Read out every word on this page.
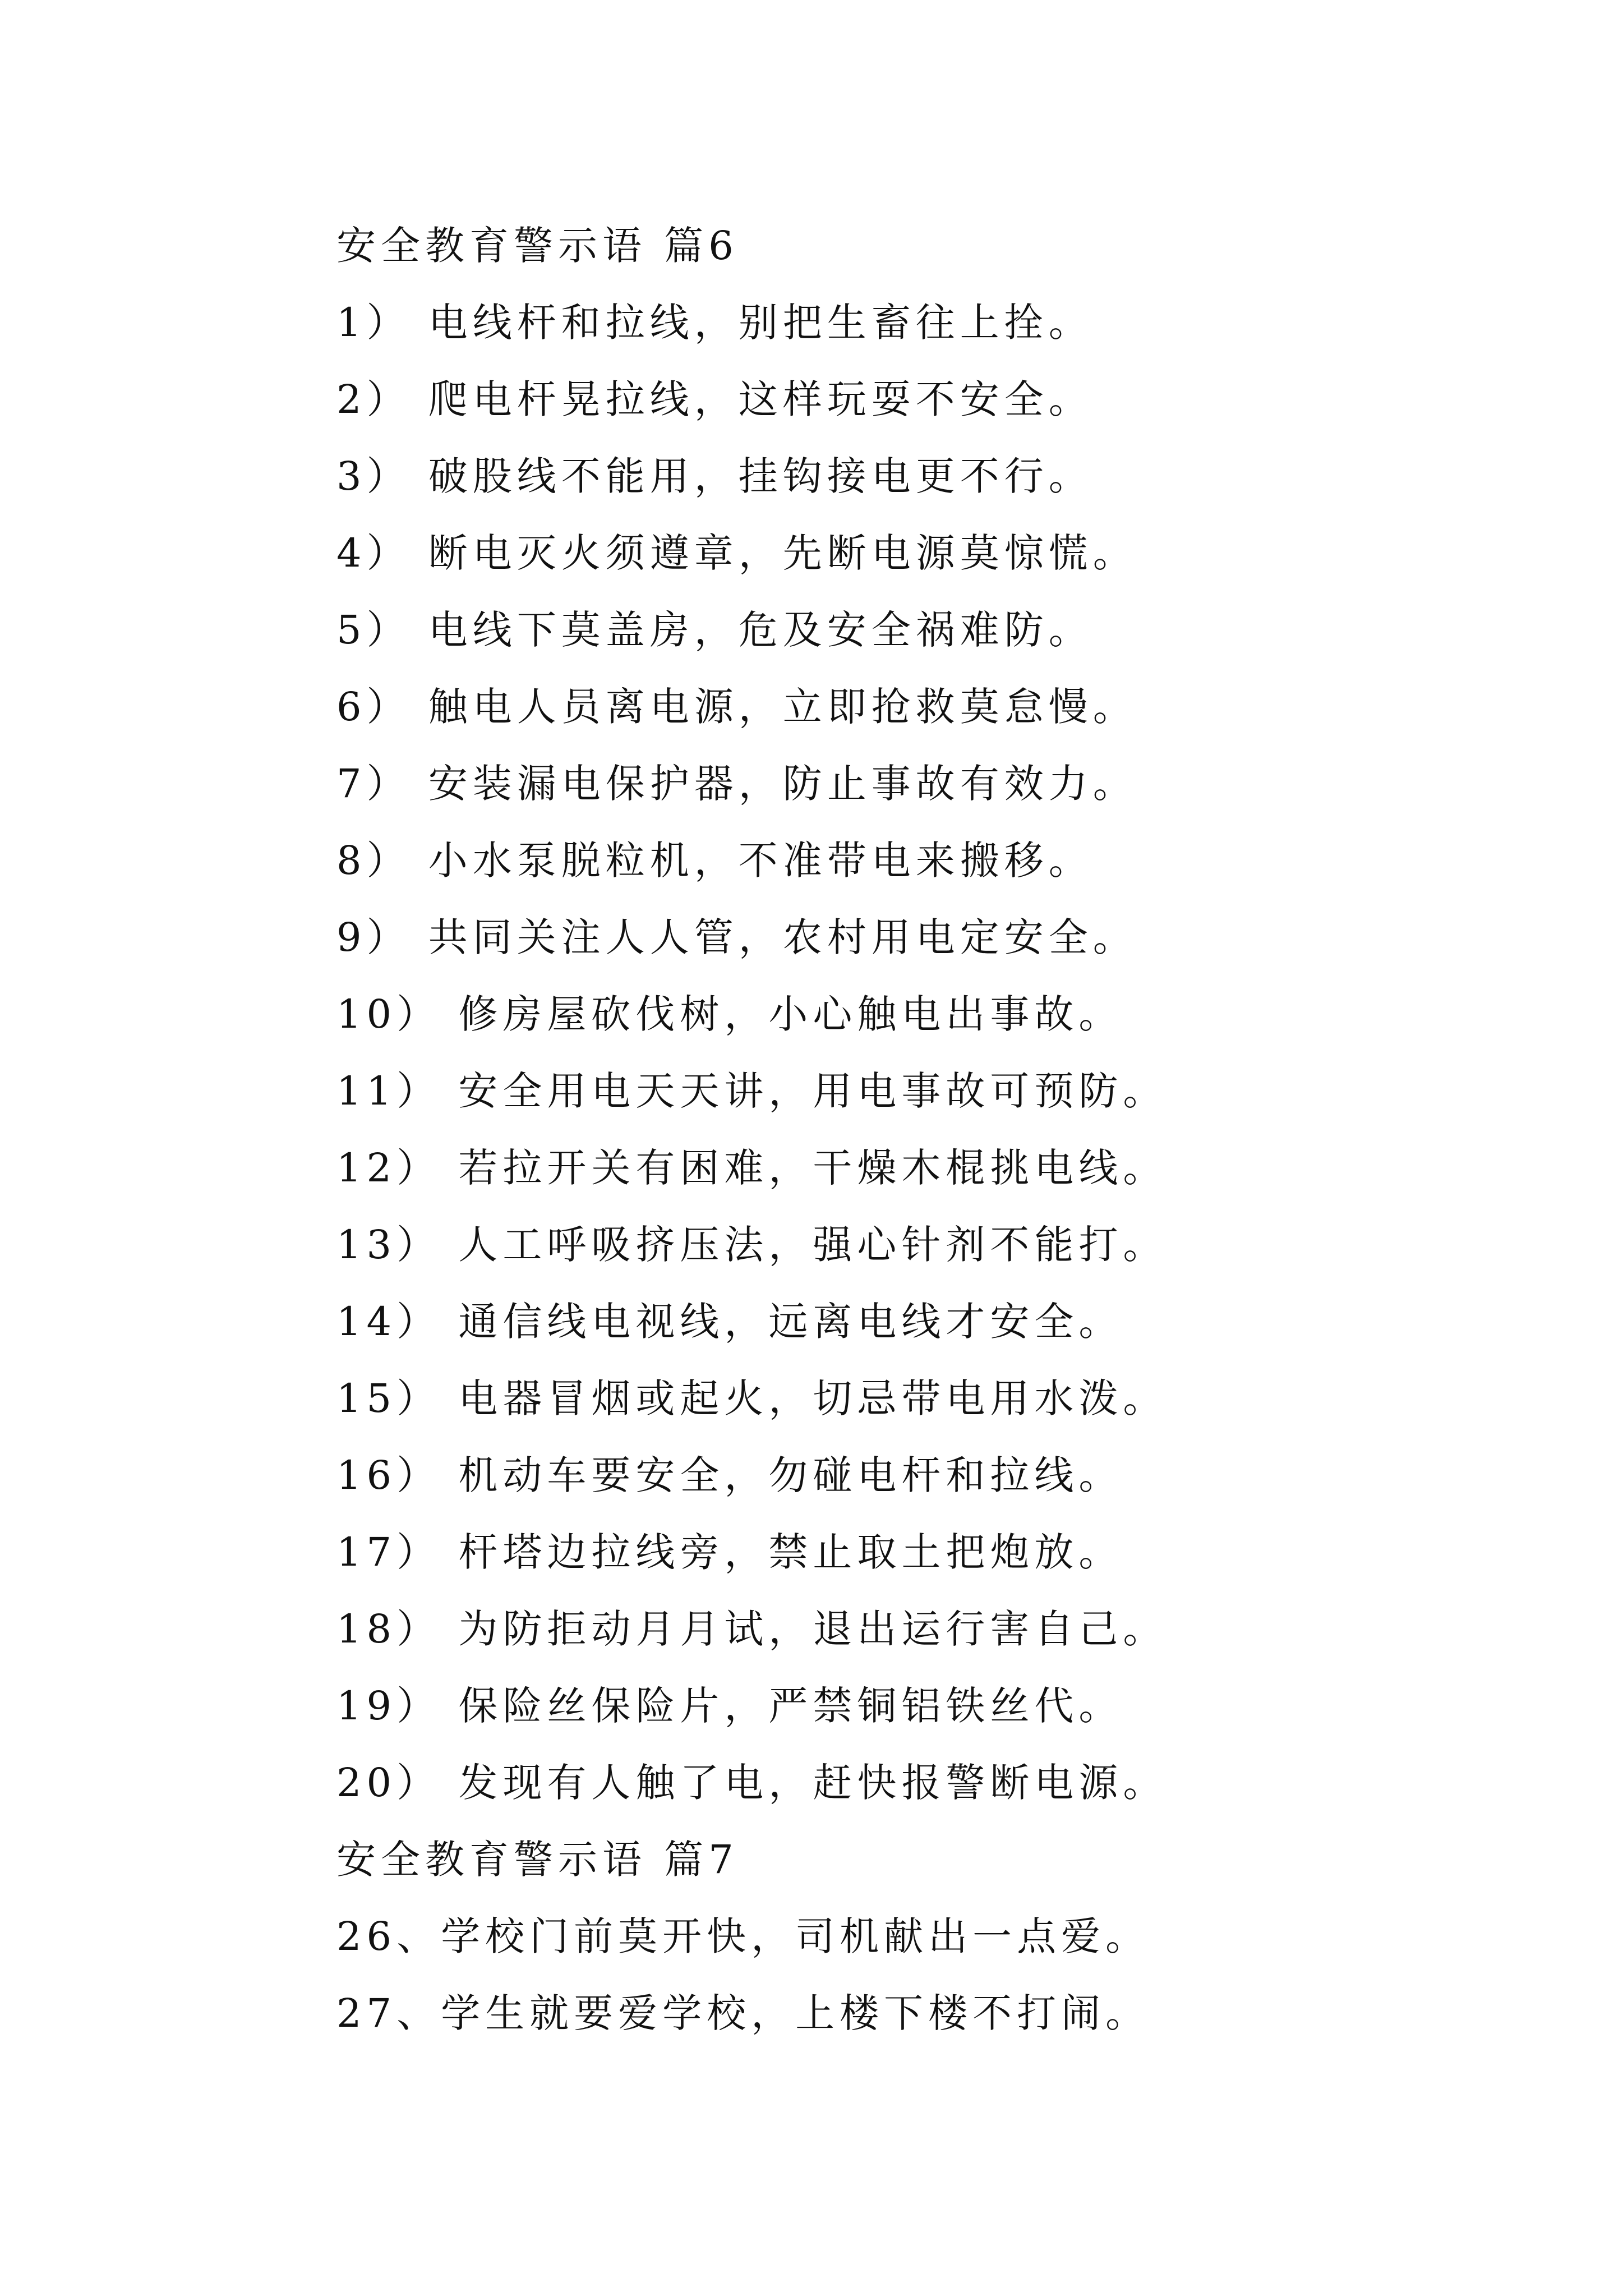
安全教育警示语 篇6
1） 电线杆和拉线，别把生畜往上拴。
2） 爬电杆晃拉线，这样玩耍不安全。
3） 破股线不能用，挂钩接电更不行。
4） 断电灭火须遵章，先断电源莫惊慌。
5） 电线下莫盖房，危及安全祸难防。
6） 触电人员离电源，立即抢救莫怠慢。
7） 安装漏电保护器，防止事故有效力。
8） 小水泵脱粒机，不准带电来搬移。
9） 共同关注人人管，农村用电定安全。
10） 修房屋砍伐树，小心触电出事故。
11） 安全用电天天讲，用电事故可预防。
12） 若拉开关有困难，干燥木棍挑电线。
13） 人工呼吸挤压法，强心针剂不能打。
14） 通信线电视线，远离电线才安全。
15） 电器冒烟或起火，切忌带电用水泼。
16） 机动车要安全，勿碰电杆和拉线。
17） 杆塔边拉线旁，禁止取土把炮放。
18） 为防拒动月月试，退出运行害自己。
19） 保险丝保险片，严禁铜铝铁丝代。
20） 发现有人触了电，赶快报警断电源。
安全教育警示语 篇7
26、学校门前莫开快，司机献出一点爱。
27、学生就要爱学校，上楼下楼不打闹。
